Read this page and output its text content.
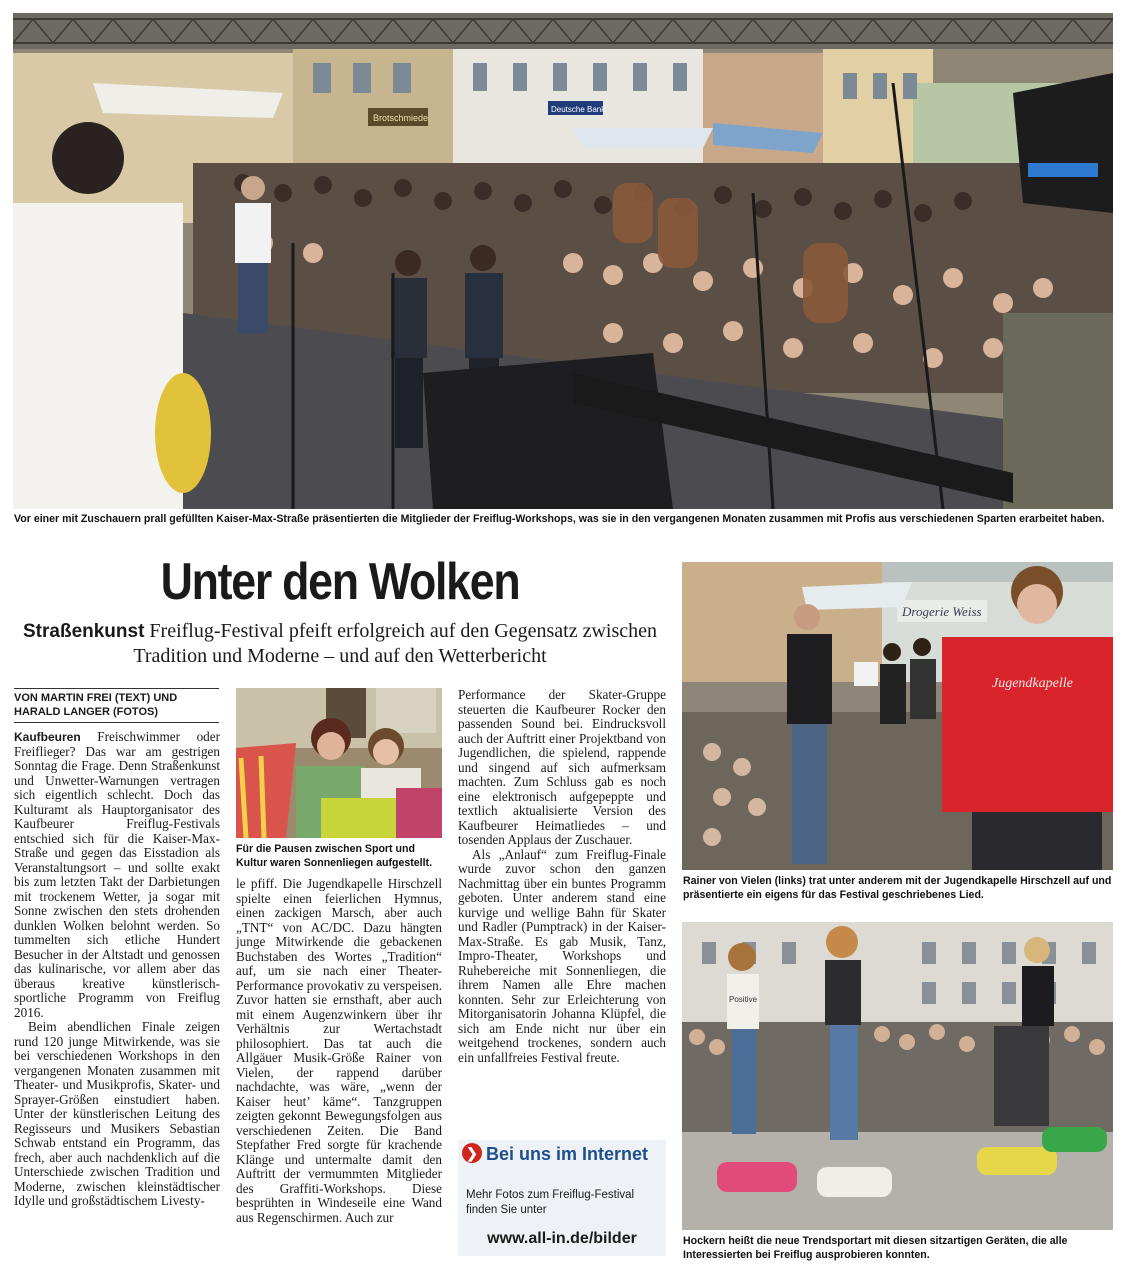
Brotschmiede
Deutsche Bank
Vor einer mit Zuschauern prall gefüllten Kaiser-Max-Straße präsentierten die Mitglieder der Freiflug-Workshops, was sie in den vergangenen Monaten zusammen mit Profis aus verschiedenen Sparten erarbeitet haben.
Unter den Wolken
Straßenkunst Freiflug-Festival pfeift erfolgreich auf den Gegensatz zwischen Tradition und Moderne – und auf den Wetterbericht
VON MARTIN FREI (TEXT) UND HARALD LANGER (FOTOS)

Kaufbeuren Freischwimmer oder Freiflieger? Das war am gestrigen Sonntag die Frage. Denn Straßenkunst und Unwetter-Warnungen vertragen sich eigentlich schlecht. Doch das Kulturamt als Hauptorganisator des Kaufbeurer Freiflug-Festivals entschied sich für die Kaiser-Max-Straße und gegen das Eisstadion als Veranstaltungsort – und sollte exakt bis zum letzten Takt der Darbietungen mit trockenem Wetter, ja sogar mit Sonne zwischen den stets drohenden dunklen Wolken belohnt werden. So tummelten sich etliche Hundert Besucher in der Altstadt und genossen das kulinarische, vor allem aber das überaus kreative künstlerisch-sportliche Programm von Freiflug 2016.

Beim abendlichen Finale zeigen rund 120 junge Mitwirkende, was sie bei verschiedenen Workshops in den vergangenen Monaten zusammen mit Theater- und Musikprofis, Skater- und Sprayer-Größen einstudiert haben. Unter der künstlerischen Leitung des Regisseurs und Musikers Sebastian Schwab entstand ein Programm, das frech, aber auch nachdenklich auf die Unterschiede zwischen Tradition und Moderne, zwischen kleinstädtischer Idylle und großstädtischem Livesty-

Für die Pausen zwischen Sport und Kultur waren Sonnenliegen aufgestellt.

le pfiff. Die Jugendkapelle Hirschzell spielte einen feierlichen Hymnus, einen zackigen Marsch, aber auch „TNT“ von AC/DC. Dazu hängten junge Mitwirkende die gebackenen Buchstaben des Wortes „Tradition“ auf, um sie nach einer Theater-Performance provokativ zu verspeisen. Zuvor hatten sie ernsthaft, aber auch mit einem Augenzwinkern über ihr Verhältnis zur Wertachstadt philosophiert. Das tat auch die Allgäuer Musik-Größe Rainer von Vielen, der rappend darüber nachdachte, was wäre, „wenn der Kaiser heut’ käme“. Tanzgruppen zeigten gekonnt Bewegungsfolgen aus verschiedenen Zeiten. Die Band Stepfather Fred sorgte für krachende Klänge und untermalte damit den Auftritt der vermummten Mitglieder des Graffiti-Workshops. Diese besprühten in Windeseile eine Wand aus Regenschirmen. Auch zur

Performance der Skater-Gruppe steuerten die Kaufbeurer Rocker den passenden Sound bei. Eindrucksvoll auch der Auftritt einer Projektband von Jugendlichen, die spielend, rappende und singend auf sich aufmerksam machten. Zum Schluss gab es noch eine elektronisch aufgepeppte und textlich aktualisierte Version des Kaufbeurer Heimatliedes – und tosenden Applaus der Zuschauer.

Als „Anlauf“ zum Freiflug-Finale wurde zuvor schon den ganzen Nachmittag über ein buntes Programm geboten. Unter anderem stand eine kurvige und wellige Bahn für Skater und Radler (Pumptrack) in der Kaiser-Max-Straße. Es gab Musik, Tanz, Impro-Theater, Workshops und Ruhebereiche mit Sonnenliegen, die ihrem Namen alle Ehre machen konnten. Sehr zur Erleichterung von Mitorganisatorin Johanna Klüpfel, die sich am Ende nicht nur über ein weitgehend trockenes, sondern auch ein unfallfreies Festival freute.

❯ Bei uns im Internet
Mehr Fotos zum Freiflug-Festival finden Sie unter
www.all-in.de/bilder
Drogerie Weiss
Jugendkapelle
Rainer von Vielen (links) trat unter anderem mit der Jugendkapelle Hirschzell auf und präsentierte ein eigens für das Festival geschriebenes Lied.
Positive
Hockern heißt die neue Trendsportart mit diesen sitzartigen Geräten, die alle Interessierten bei Freiflug ausprobieren konnten.
